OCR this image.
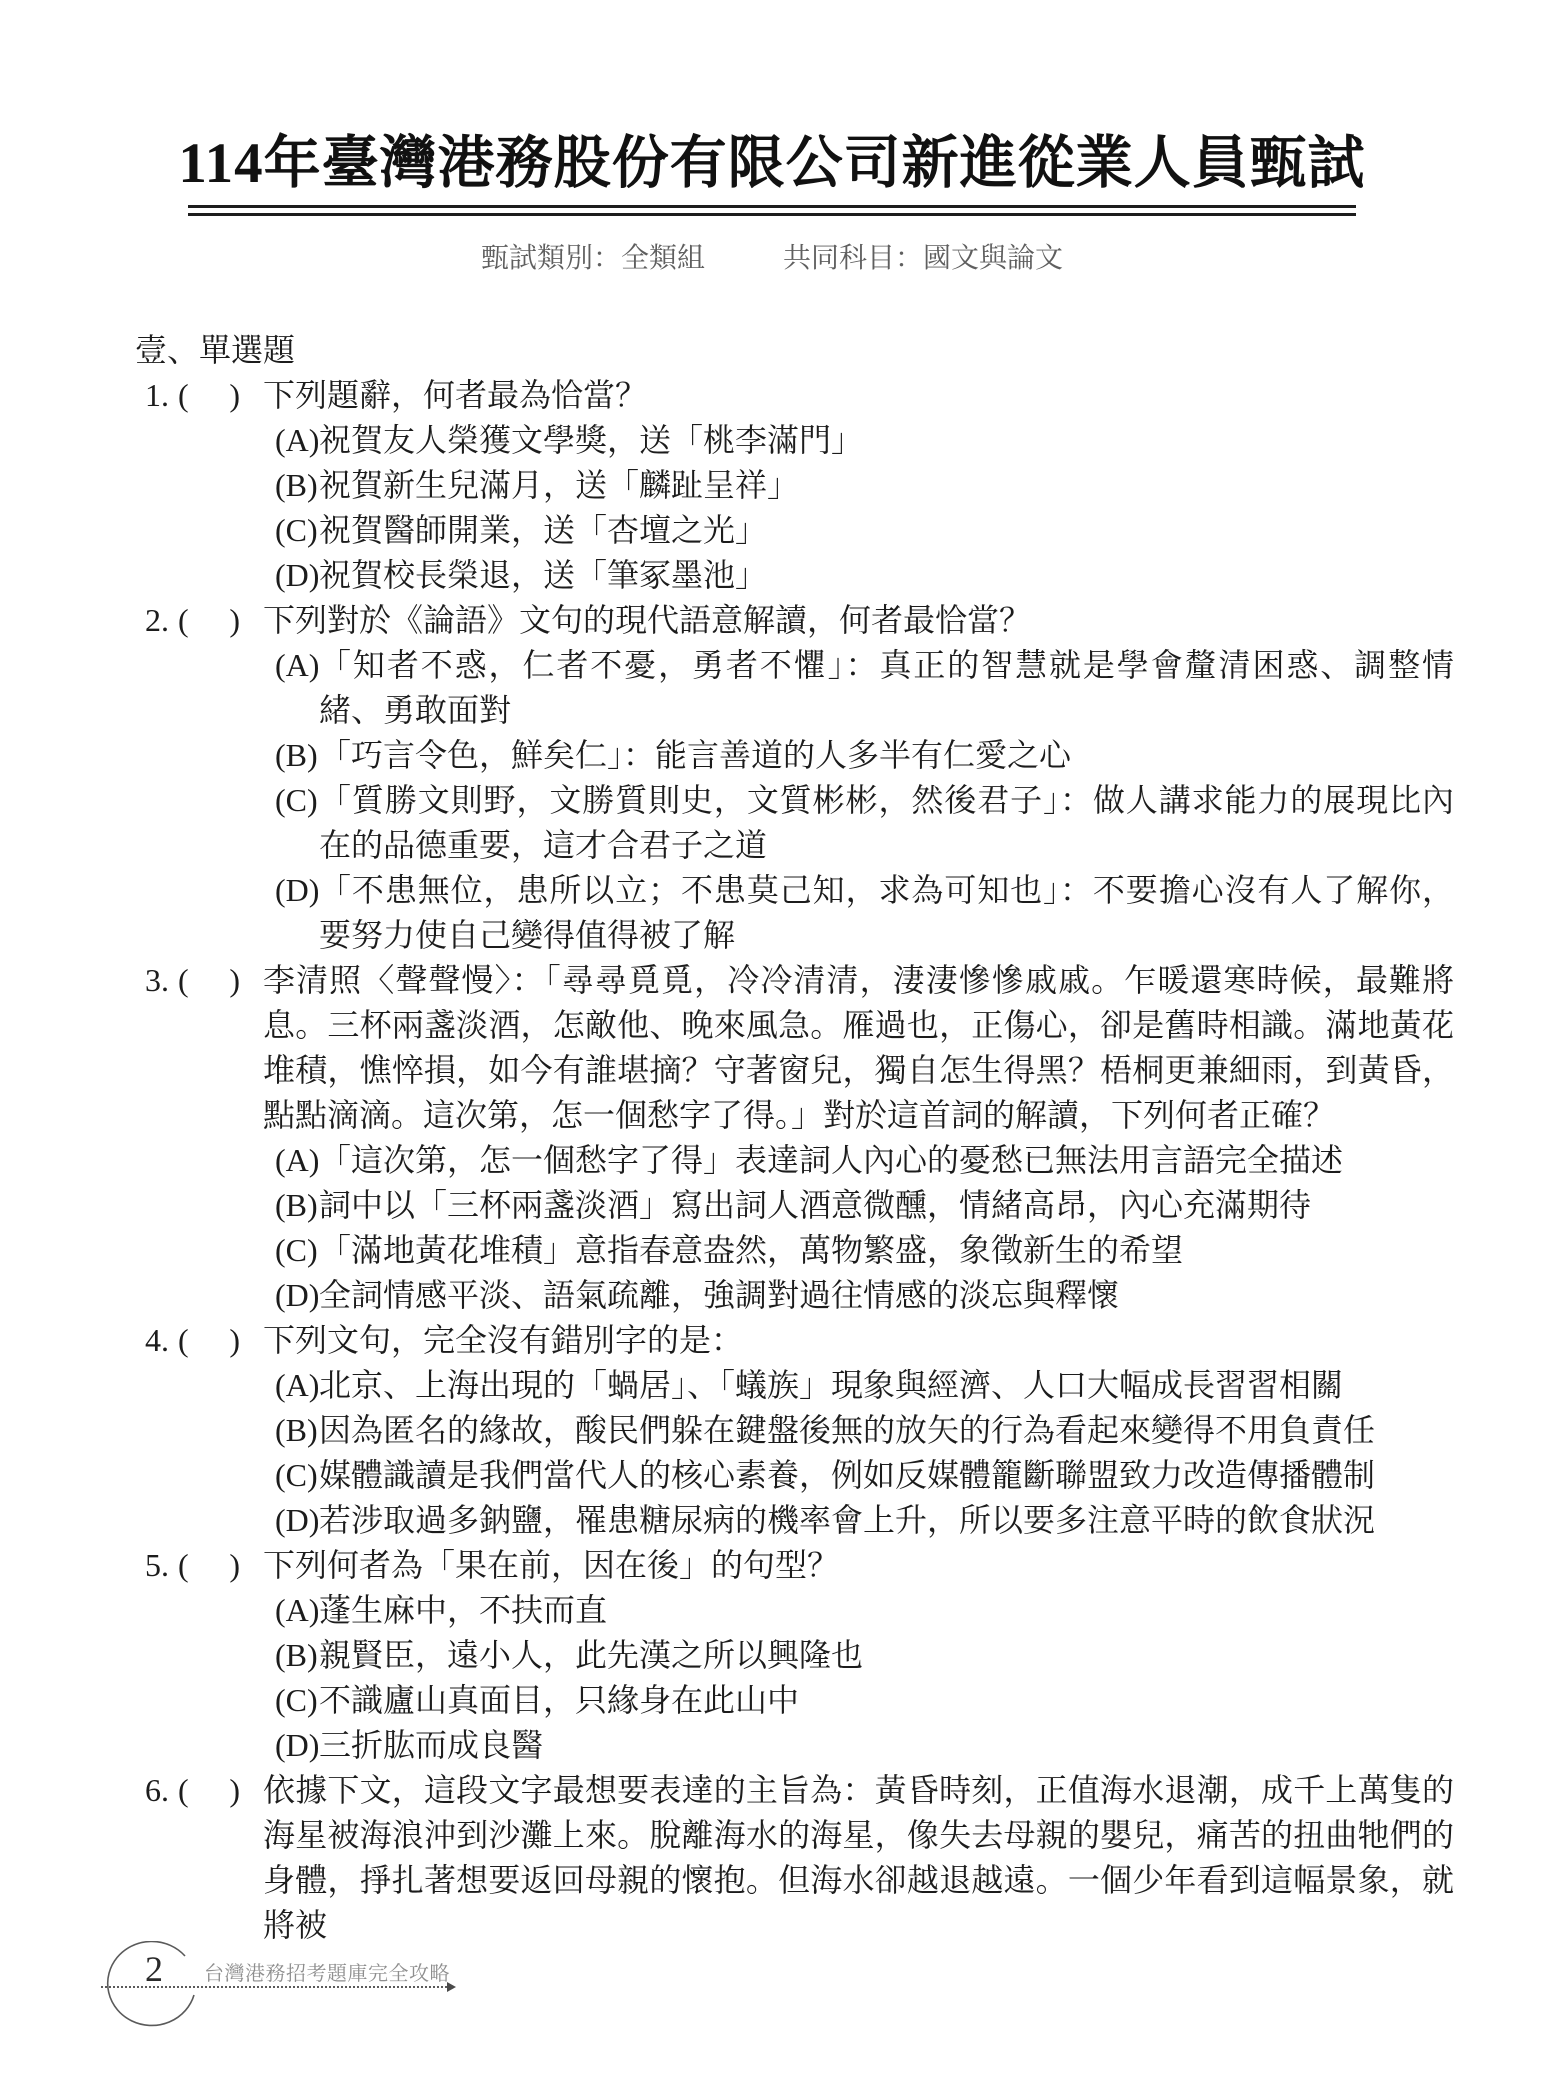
114年臺灣港務股份有限公司新進從業人員甄試
甄試類別：全類組	共同科目：國文與論文
壹、單選題
1. ( ) 下列題辭，何者最為恰當？
(A) 祝賀友人榮獲文學獎，送「桃李滿門」
(B) 祝賀新生兒滿月，送「麟趾呈祥」
(C) 祝賀醫師開業，送「杏壇之光」
(D) 祝賀校長榮退，送「筆冢墨池」
2. ( ) 下列對於《論語》文句的現代語意解讀，何者最恰當？
(A) 「知者不惑，仁者不憂，勇者不懼」：真正的智慧就是學會釐清困惑、調整情緒、勇敢面對
(B) 「巧言令色，鮮矣仁」：能言善道的人多半有仁愛之心
(C) 「質勝文則野，文勝質則史，文質彬彬，然後君子」：做人講求能力的展現比內在的品德重要，這才合君子之道
(D) 「不患無位，患所以立；不患莫己知，求為可知也」：不要擔心沒有人了解你，要努力使自己變得值得被了解
3. ( ) 李清照〈聲聲慢〉：「尋尋覓覓，冷冷清清，淒淒慘慘戚戚。乍暖還寒時候，最難將息。三杯兩盞淡酒，怎敵他、晚來風急。雁過也，正傷心，卻是舊時相識。滿地黃花堆積，憔悴損，如今有誰堪摘？守著窗兒，獨自怎生得黑？梧桐更兼細雨，到黃昏，點點滴滴。這次第，怎一個愁字了得。」對於這首詞的解讀，下列何者正確？
(A) 「這次第，怎一個愁字了得」表達詞人內心的憂愁已無法用言語完全描述
(B) 詞中以「三杯兩盞淡酒」寫出詞人酒意微醺，情緒高昂，內心充滿期待
(C) 「滿地黃花堆積」意指春意盎然，萬物繁盛，象徵新生的希望
(D) 全詞情感平淡、語氣疏離，強調對過往情感的淡忘與釋懷
4. ( ) 下列文句，完全沒有錯別字的是：
(A) 北京、上海出現的「蝸居」、「蟻族」現象與經濟、人口大幅成長習習相關
(B) 因為匿名的緣故，酸民們躲在鍵盤後無的放矢的行為看起來變得不用負責任
(C) 媒體識讀是我們當代人的核心素養，例如反媒體籠斷聯盟致力改造傳播體制
(D) 若涉取過多鈉鹽，罹患糖尿病的機率會上升，所以要多注意平時的飲食狀況
5. ( ) 下列何者為「果在前，因在後」的句型？
(A) 蓬生麻中，不扶而直
(B) 親賢臣，遠小人，此先漢之所以興隆也
(C) 不識廬山真面目，只緣身在此山中
(D) 三折肱而成良醫
6. ( ) 依據下文，這段文字最想要表達的主旨為：黃昏時刻，正值海水退潮，成千上萬隻的海星被海浪沖到沙灘上來。脫離海水的海星，像失去母親的嬰兒，痛苦的扭曲牠們的身體，掙扎著想要返回母親的懷抱。但海水卻越退越遠。一個少年看到這幅景象，就將被
2	台灣港務招考題庫完全攻略
